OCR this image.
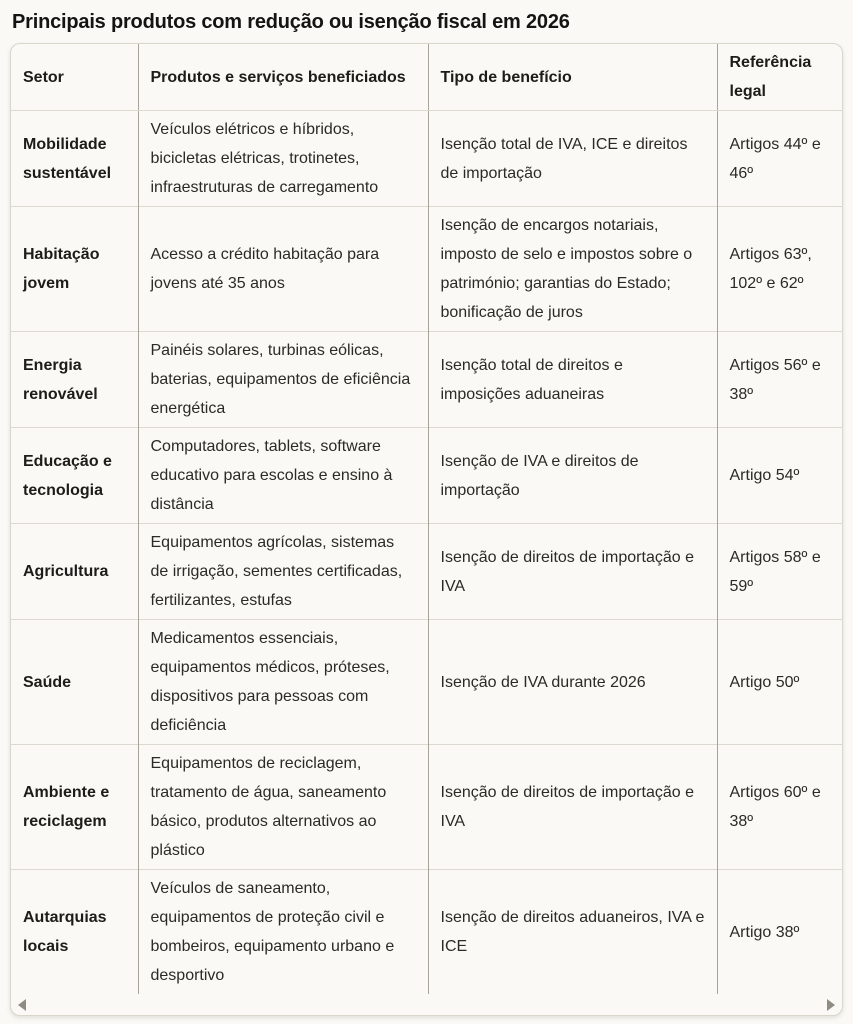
Principais produtos com redução ou isenção fiscal em 2026
Setor	Produtos e serviços beneficiados	Tipo de benefício	Referência legal
Mobilidade sustentável	Veículos elétricos e híbridos, bicicletas elétricas, trotinetes, infraestruturas de carregamento	Isenção total de IVA, ICE e direitos de importação	Artigos 44º e 46º
Habitação jovem	Acesso a crédito habitação para jovens até 35 anos	Isenção de encargos notariais, imposto de selo e impostos sobre o património; garantias do Estado; bonificação de juros	Artigos 63º, 102º e 62º
Energia renovável	Painéis solares, turbinas eólicas, baterias, equipamentos de eficiência energética	Isenção total de direitos e imposições aduaneiras	Artigos 56º e 38º
Educação e tecnologia	Computadores, tablets, software educativo para escolas e ensino à distância	Isenção de IVA e direitos de importação	Artigo 54º
Agricultura	Equipamentos agrícolas, sistemas de irrigação, sementes certificadas, fertilizantes, estufas	Isenção de direitos de importação e IVA	Artigos 58º e 59º
Saúde	Medicamentos essenciais, equipamentos médicos, próteses, dispositivos para pessoas com deficiência	Isenção de IVA durante 2026	Artigo 50º
Ambiente e reciclagem	Equipamentos de reciclagem, tratamento de água, saneamento básico, produtos alternativos ao plástico	Isenção de direitos de importação e IVA	Artigos 60º e 38º
Autarquias locais	Veículos de saneamento, equipamentos de proteção civil e bombeiros, equipamento urbano e desportivo	Isenção de direitos aduaneiros, IVA e ICE	Artigo 38º
